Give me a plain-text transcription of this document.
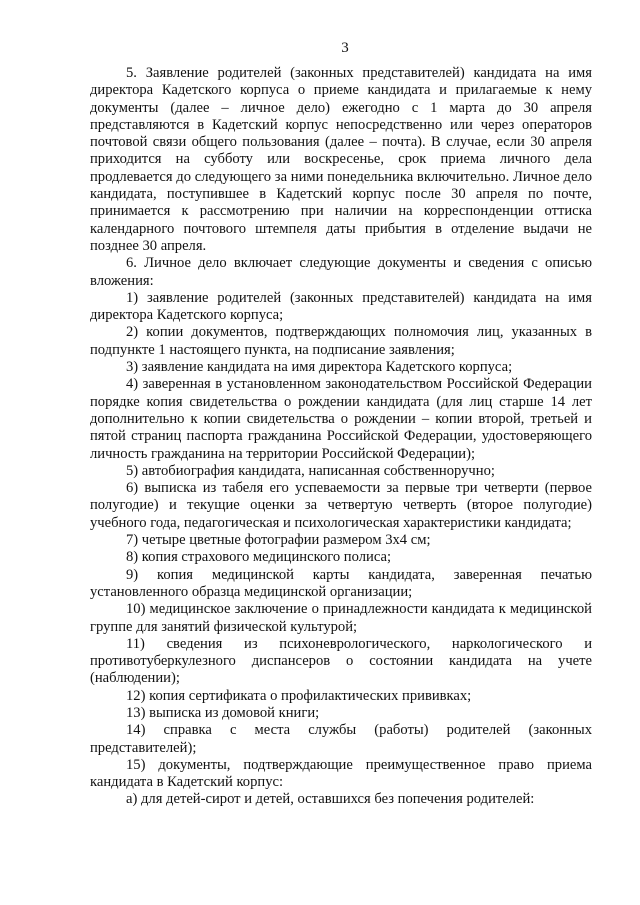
3

5. Заявление родителей (законных представителей) кандидата на имя директора Кадетского корпуса о приеме кандидата и прилагаемые к нему документы (далее – личное дело) ежегодно с 1 марта до 30 апреля представляются в Кадетский корпус непосредственно или через операторов почтовой связи общего пользования (далее – почта). В случае, если 30 апреля приходится на субботу или воскресенье, срок приема личного дела продлевается до следующего за ними понедельника включительно. Личное дело кандидата, поступившее в Кадетский корпус после 30 апреля по почте, принимается к рассмотрению при наличии на корреспонденции оттиска календарного почтового штемпеля даты прибытия в отделение выдачи не позднее 30 апреля.

6. Личное дело включает следующие документы и сведения с описью вложения:

1) заявление родителей (законных представителей) кандидата на имя директора Кадетского корпуса;

2) копии документов, подтверждающих полномочия лиц, указанных в подпункте 1 настоящего пункта, на подписание заявления;

3) заявление кандидата на имя директора Кадетского корпуса;

4) заверенная в установленном законодательством Российской Федерации порядке копия свидетельства о рождении кандидата (для лиц старше 14 лет дополнительно к копии свидетельства о рождении – копии второй, третьей и пятой страниц паспорта гражданина Российской Федерации, удостоверяющего личность гражданина на территории Российской Федерации);

5) автобиография кандидата, написанная собственноручно;

6) выписка из табеля его успеваемости за первые три четверти (первое полугодие) и текущие оценки за четвертую четверть (второе полугодие) учебного года, педагогическая и психологическая характеристики кандидата;

7) четыре цветные фотографии размером 3х4 см;

8) копия страхового медицинского полиса;

9) копия медицинской карты кандидата, заверенная печатью установленного образца медицинской организации;

10) медицинское заключение о принадлежности кандидата к медицинской группе для занятий физической культурой;

11) сведения из психоневрологического, наркологического и противотуберкулезного диспансеров о состоянии кандидата на учете (наблюдении);

12) копия сертификата о профилактических прививках;

13) выписка из домовой книги;

14) справка с места службы (работы) родителей (законных представителей);

15) документы, подтверждающие преимущественное право приема кандидата в Кадетский корпус:

а) для детей-сирот и детей, оставшихся без попечения родителей:
